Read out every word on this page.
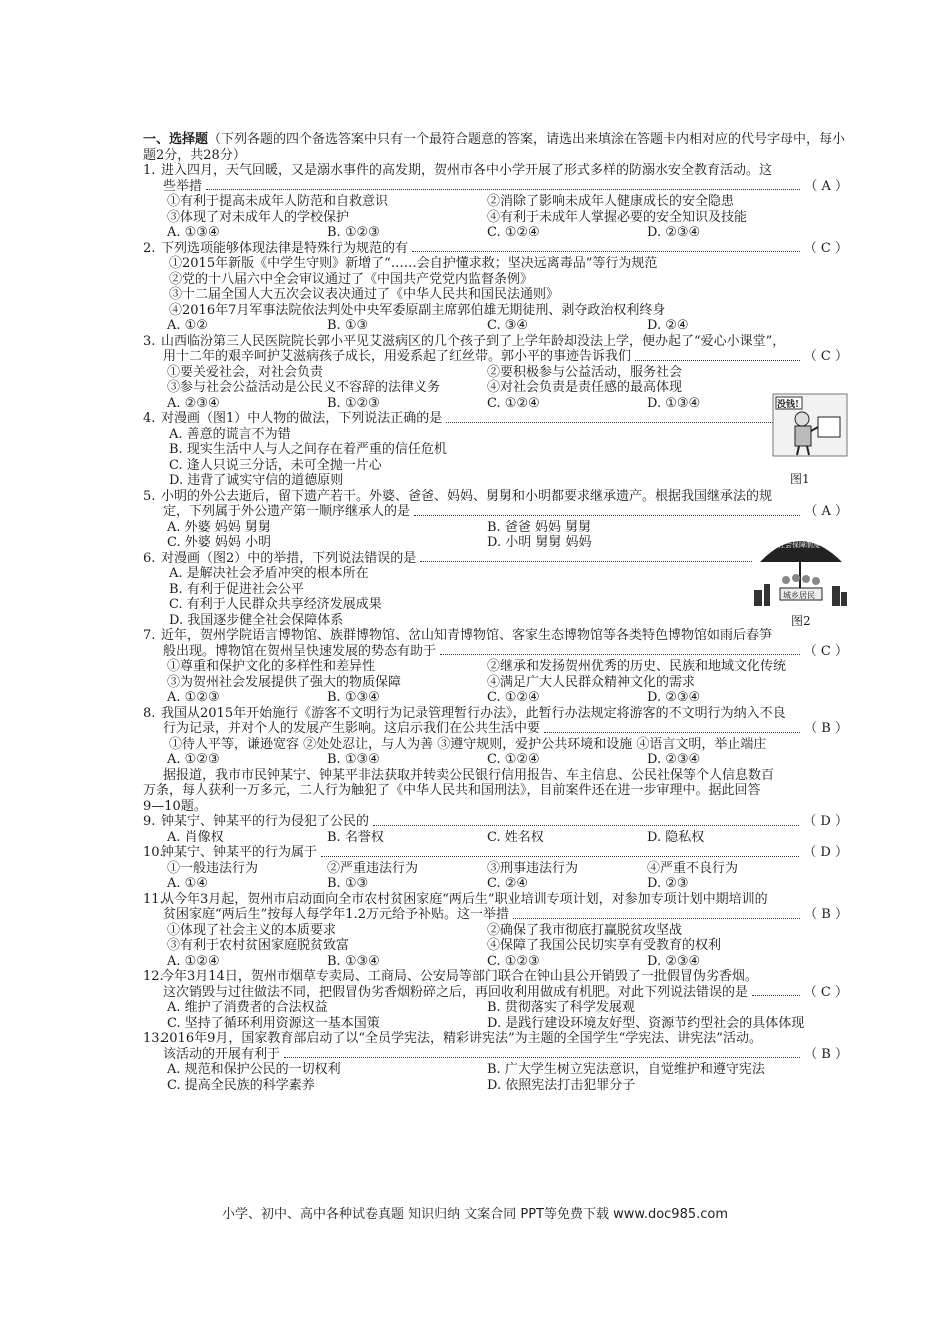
一、选择题（下列各题的四个备选答案中只有一个最符合题意的答案，请选出来填涂在答题卡内相对应的代号字母中，每小题2分，共28分）
1. 进入四月，天气回暖，又是溺水事件的高发期，贺州市各中小学开展了形式多样的防溺水安全教育活动。这
些举措	（ A ）
①有利于提高未成年人防范和自救意识	②消除了影响未成年人健康成长的安全隐患
③体现了对未成年人的学校保护	④有利于未成年人掌握必要的安全知识及技能
A. ①③④	B. ①②③	C. ①②④	D. ②③④
2. 下列选项能够体现法律是特殊行为规范的有	（ C ）
①2015年新版《中学生守则》新增了“……会自护懂求救；坚决远离毒品”等行为规范
②党的十八届六中全会审议通过了《中国共产党党内监督条例》
③十二届全国人大五次会议表决通过了《中华人民共和国民法通则》
④2016年7月军事法院依法判处中央军委原副主席郭伯雄无期徒刑、剥夺政治权利终身
A. ①②	B. ①③	C. ③④	D. ②④
3. 山西临汾第三人民医院院长郭小平见艾滋病区的几个孩子到了上学年龄却没法上学，便办起了“爱心小课堂”，
用十二年的艰辛呵护艾滋病孩子成长，用爱系起了红丝带。郭小平的事迹告诉我们	（ C ）
①要关爱社会，对社会负责	②要积极参与公益活动，服务社会
③参与社会公益活动是公民义不容辞的法律义务	④对社会负责是责任感的最高体现
A. ②③④	B. ①②③	C. ①②④	D. ①③④
4. 对漫画（图1）中人物的做法，下列说法正确的是
A. 善意的谎言不为错
B. 现实生活中人与人之间存在着严重的信任危机
C. 逢人只说三分话，未可全抛一片心
D. 违背了诚实守信的道德原则
5. 小明的外公去逝后，留下遗产若干。外婆、爸爸、妈妈、舅舅和小明都要求继承遗产。根据我国继承法的规
定，下列属于外公遗产第一顺序继承人的是	（ A ）
A. 外婆 妈妈 舅舅	B. 爸爸 妈妈 舅舅
C. 外婆 妈妈 小明	D. 小明 舅舅 妈妈
6. 对漫画（图2）中的举措，下列说法错误的是
A. 是解决社会矛盾冲突的根本所在
B. 有利于促进社会公平
C. 有利于人民群众共享经济发展成果
D. 我国逐步健全社会保障体系
7. 近年，贺州学院语言博物馆、族群博物馆、岔山知青博物馆、客家生态博物馆等各类特色博物馆如雨后春笋
般出现。博物馆在贺州呈快速发展的势态有助于	（ C ）
①尊重和保护文化的多样性和差异性	②继承和发扬贺州优秀的历史、民族和地域文化传统
③为贺州社会发展提供了强大的物质保障	④满足广大人民群众精神文化的需求
A. ①②③	B. ①③④	C. ①②④	D. ②③④
8. 我国从2015年开始施行《游客不文明行为记录管理暂行办法》，此暂行办法规定将游客的不文明行为纳入不良
行为记录，并对个人的发展产生影响。这启示我们在公共生活中要	（ B ）
①待人平等，谦逊宽容 ②处处忍让，与人为善 ③遵守规则，爱护公共环境和设施 ④语言文明，举止端庄
A. ①②③	B. ①③④	C. ①②④	D. ②③④
据报道，我市市民钟某宁、钟某平非法获取并转卖公民银行信用报告、车主信息、公民社保等个人信息数百
万条，每人获利一万多元，二人行为触犯了《中华人民共和国刑法》，目前案件还在进一步审理中。据此回答
9—10题。
9. 钟某宁、钟某平的行为侵犯了公民的	（ D ）
A. 肖像权	B. 名誉权	C. 姓名权	D. 隐私权
10.
钟某宁、钟某平的行为属于	（ D ）
①一般违法行为	②严重违法行为	③刑事违法行为	④严重不良行为
A. ①④	B. ①③	C. ②④	D. ②③
11.
从今年3月起，贺州市启动面向全市农村贫困家庭“两后生”职业培训专项计划，对参加专项计划中期培训的
贫困家庭“两后生”按每人每学年1.2万元给予补贴。这一举措	（ B ）
①体现了社会主义的本质要求	②确保了我市彻底打赢脱贫攻坚战
③有利于农村贫困家庭脱贫致富	④保障了我国公民切实享有受教育的权利
A. ①②④	B. ①③④	C. ①②③	D. ②③④
12.
今年3月14日，贺州市烟草专卖局、工商局、公安局等部门联合在钟山县公开销毁了一批假冒伪劣香烟。
这次销毁与过往做法不同，把假冒伪劣香烟粉碎之后，再回收利用做成有机肥。对此下列说法错误的是	（ C ）
A. 维护了消费者的合法权益	B. 贯彻落实了科学发展观
C. 坚持了循环利用资源这一基本国策	D. 是践行建设环境友好型、资源节约型社会的具体体现
13.
2016年9月，国家教育部启动了以“全员学宪法，精彩讲宪法”为主题的全国学生“学宪法、讲宪法”活动。
该活动的开展有利于	（ B ）
A. 规范和保护公民的一切权利	B. 广大学生树立宪法意识，自觉维护和遵守宪法
C. 提高全民族的科学素养	D. 依照宪法打击犯罪分子
没钱!
图1
社会保障制度
城乡居民
图2
小学、初中、高中各种试卷真题 知识归纳 文案合同 PPT等免费下载 www.doc985.com
